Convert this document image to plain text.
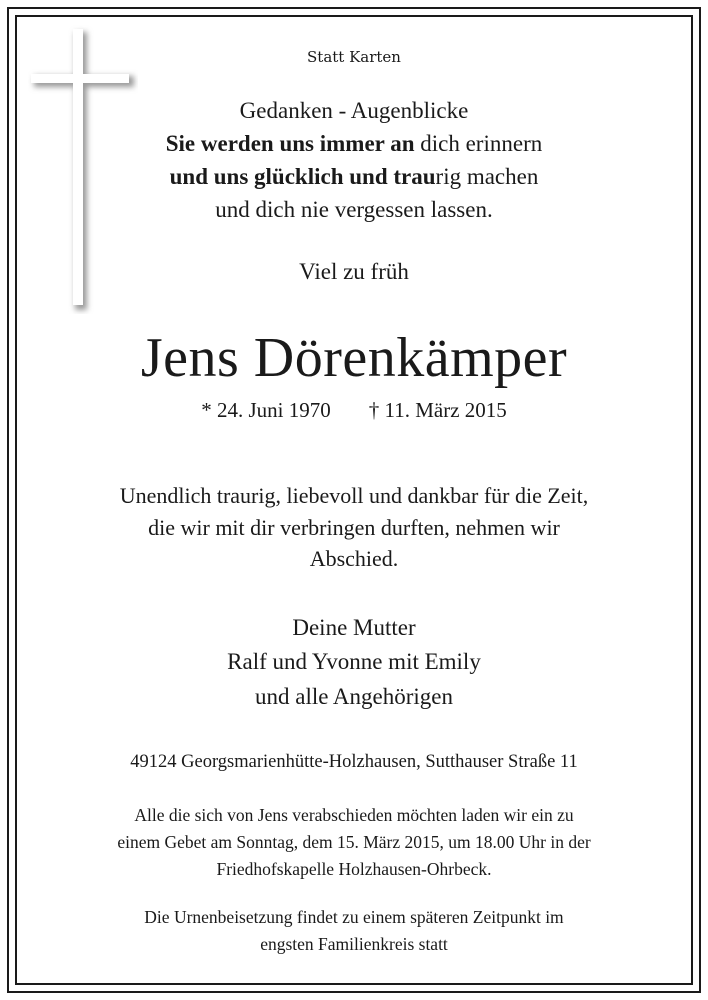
Statt Karten
Gedanken - Augenblicke
Sie werden uns immer an dich erinnern
und uns glücklich und traurig machen
und dich nie vergessen lassen.
Viel zu früh
Jens Dörenkämper
* 24. Juni 1970 † 11. März 2015
Unendlich traurig, liebevoll und dankbar für die Zeit,
die wir mit dir verbringen durften, nehmen wir
Abschied.
Deine Mutter
Ralf und Yvonne mit Emily
und alle Angehörigen
49124 Georgsmarienhütte-Holzhausen, Sutthauser Straße 11
Alle die sich von Jens verabschieden möchten laden wir ein zu
einem Gebet am Sonntag, dem 15. März 2015, um 18.00 Uhr in der
Friedhofskapelle Holzhausen-Ohrbeck.
Die Urnenbeisetzung findet zu einem späteren Zeitpunkt im
engsten Familienkreis statt
